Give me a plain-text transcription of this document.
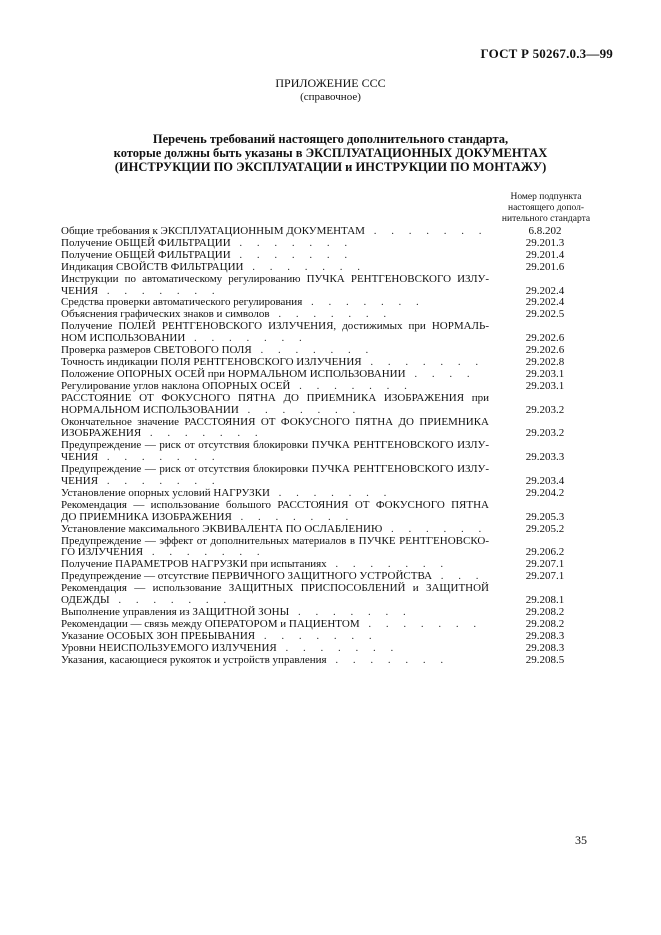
ГОСТ Р 50267.0.3—99
ПРИЛОЖЕНИЕ ССС
(справочное)
Перечень требований настоящего дополнительного стандарта,
которые должны быть указаны в ЭКСПЛУАТАЦИОННЫХ ДОКУМЕНТАХ
(ИНСТРУКЦИИ ПО ЭКСПЛУАТАЦИИ и ИНСТРУКЦИИ ПО МОНТАЖУ)
Номер подпункта
настоящего допол-
нительного стандарта
Общие требования к ЭКСПЛУАТАЦИОННЫМ ДОКУМЕНТАМ . . . . . . .	6.8.202
Получение ОБЩЕЙ ФИЛЬТРАЦИИ . . . . . . .	29.201.3
Получение ОБЩЕЙ ФИЛЬТРАЦИИ . . . . . . .	29.201.4
Индикация СВОЙСТВ ФИЛЬТРАЦИИ . . . . . . .	29.201.6
Инструкции по автоматическому регулированию ПУЧКА РЕНТГЕНОВСКОГО ИЗЛУ-
ЧЕНИЯ . . . . . . .	29.202.4
Средства проверки автоматического регулирования . . . . . . .	29.202.4
Объяснения графических знаков и символов . . . . . . .	29.202.5
Получение ПОЛЕЙ РЕНТГЕНОВСКОГО ИЗЛУЧЕНИЯ, достижимых при НОРМАЛЬ-
НОМ ИСПОЛЬЗОВАНИИ . . . . . . .	29.202.6
Проверка размеров СВЕТОВОГО ПОЛЯ . . . . . . .	29.202.6
Точность индикации ПОЛЯ РЕНТГЕНОВСКОГО ИЗЛУЧЕНИЯ . . . . . . .	29.202.8
Положение ОПОРНЫХ ОСЕЙ при НОРМАЛЬНОМ ИСПОЛЬЗОВАНИИ . . . .	29.203.1
Регулирование углов наклона ОПОРНЫХ ОСЕЙ . . . . . . .	29.203.1
РАССТОЯНИЕ ОТ ФОКУСНОГО ПЯТНА ДО ПРИЕМНИКА ИЗОБРАЖЕНИЯ при
НОРМАЛЬНОМ ИСПОЛЬЗОВАНИИ . . . . . . .	29.203.2
Окончательное значение РАССТОЯНИЯ ОТ ФОКУСНОГО ПЯТНА ДО ПРИЕМНИКА
ИЗОБРАЖЕНИЯ . . . . . . .	29.203.2
Предупреждение — риск от отсутствия блокировки ПУЧКА РЕНТГЕНОВСКОГО ИЗЛУ-
ЧЕНИЯ . . . . . . .	29.203.3
Предупреждение — риск от отсутствия блокировки ПУЧКА РЕНТГЕНОВСКОГО ИЗЛУ-
ЧЕНИЯ . . . . . . .	29.203.4
Установление опорных условий НАГРУЗКИ . . . . . . .	29.204.2
Рекомендация — использование большого РАССТОЯНИЯ ОТ ФОКУСНОГО ПЯТНА
ДО ПРИЕМНИКА ИЗОБРАЖЕНИЯ . . . . . . .	29.205.3
Установление максимального ЭКВИВАЛЕНТА ПО ОСЛАБЛЕНИЮ . . . . . .	29.205.2
Предупреждение — эффект от дополнительных материалов в ПУЧКЕ РЕНТГЕНОВСКО-
ГО ИЗЛУЧЕНИЯ . . . . . . .	29.206.2
Получение ПАРАМЕТРОВ НАГРУЗКИ при испытаниях . . . . . . .	29.207.1
Предупреждение — отсутствие ПЕРВИЧНОГО ЗАЩИТНОГО УСТРОЙСТВА . . .	29.207.1
Рекомендация — использование ЗАЩИТНЫХ ПРИСПОСОБЛЕНИЙ и ЗАЩИТНОЙ
ОДЕЖДЫ . . . . . . .	29.208.1
Выполнение управления из ЗАЩИТНОЙ ЗОНЫ . . . . . . .	29.208.2
Рекомендации — связь между ОПЕРАТОРОМ и ПАЦИЕНТОМ . . . . . . .	29.208.2
Указание ОСОБЫХ ЗОН ПРЕБЫВАНИЯ . . . . . . .	29.208.3
Уровни НЕИСПОЛЬЗУЕМОГО ИЗЛУЧЕНИЯ . . . . . . .	29.208.3
Указания, касающиеся рукояток и устройств управления . . . . . . .	29.208.5
35
